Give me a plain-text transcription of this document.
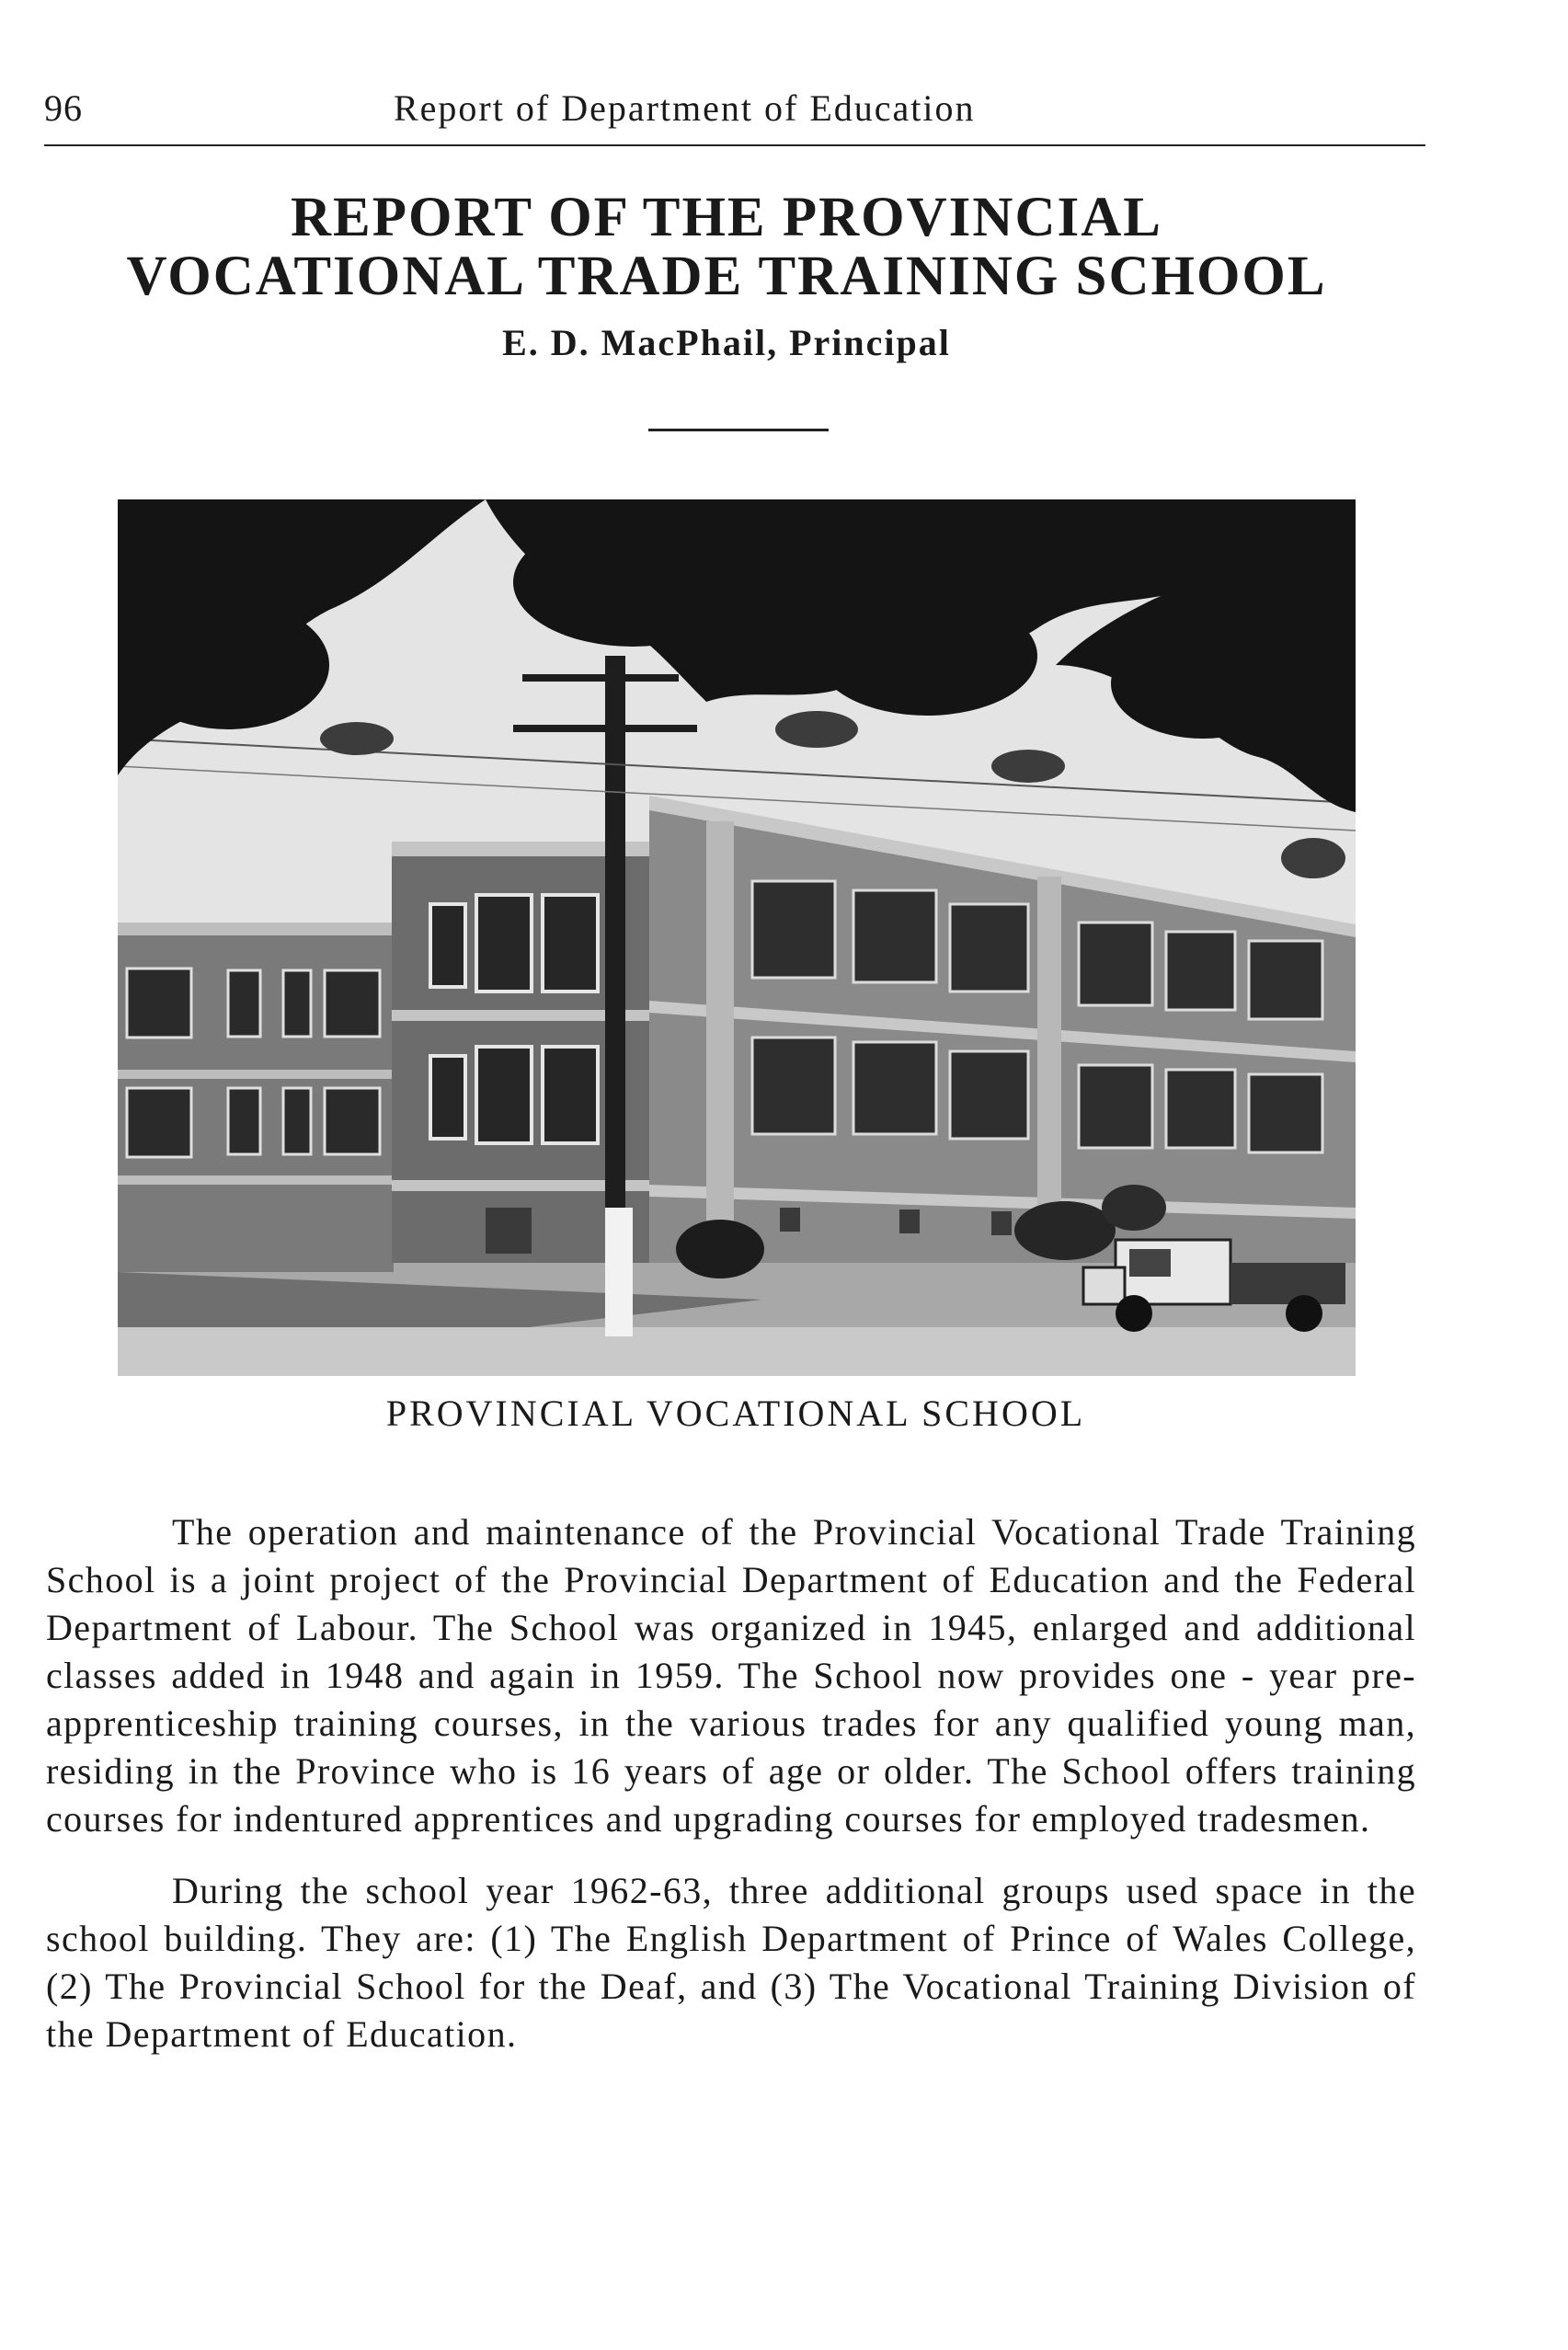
96	Report of Department of Education
REPORT OF THE PROVINCIAL
VOCATIONAL TRADE TRAINING SCHOOL
E. D. MacPhail, Principal
PROVINCIAL VOCATIONAL SCHOOL

The operation and maintenance of the Provincial Vocational Trade Training School is a joint project of the Provincial Department of Education and the Federal Department of Labour. The School was organized in 1945, enlarged and additional classes added in 1948 and again in 1959. The School now provides one - year pre-apprenticeship training courses, in the various trades for any qualified young man, residing in the Province who is 16 years of age or older. The School offers training courses for indentured apprentices and upgrading courses for employed tradesmen.

During the school year 1962-63, three additional groups used space in the school building. They are: (1) The English Department of Prince of Wales College, (2) The Provincial School for the Deaf, and (3) The Vocational Training Division of the Department of Education.
